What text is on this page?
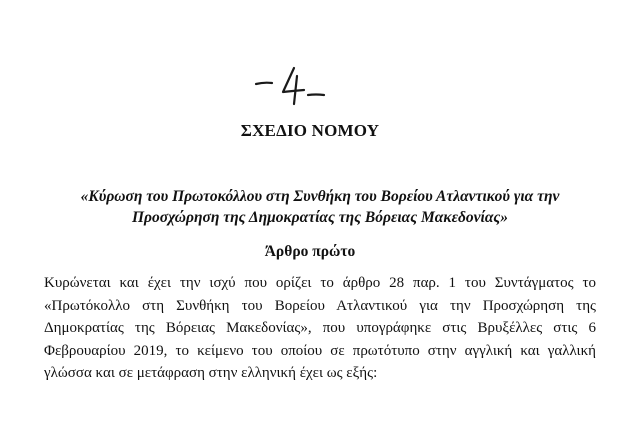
ΣΧΕΔΙΟ ΝΟΜΟΥ
«Κύρωση του Πρωτοκόλλου στη Συνθήκη του Βορείου Ατλαντικού για την
Προσχώρηση της Δημοκρατίας της Βόρειας Μακεδονίας»
Άρθρο πρώτο
Κυρώνεται και έχει την ισχύ που ορίζει το άρθρο 28 παρ. 1 του Συντάγματος το
«Πρωτόκολλο στη Συνθήκη του Βορείου Ατλαντικού για την Προσχώρηση της
Δημοκρατίας της Βόρειας Μακεδονίας», που υπογράφηκε στις Βρυξέλλες στις 6
Φεβρουαρίου 2019, το κείμενο του οποίου σε πρωτότυπο στην αγγλική και γαλλική
γλώσσα και σε μετάφραση στην ελληνική έχει ως εξής:
